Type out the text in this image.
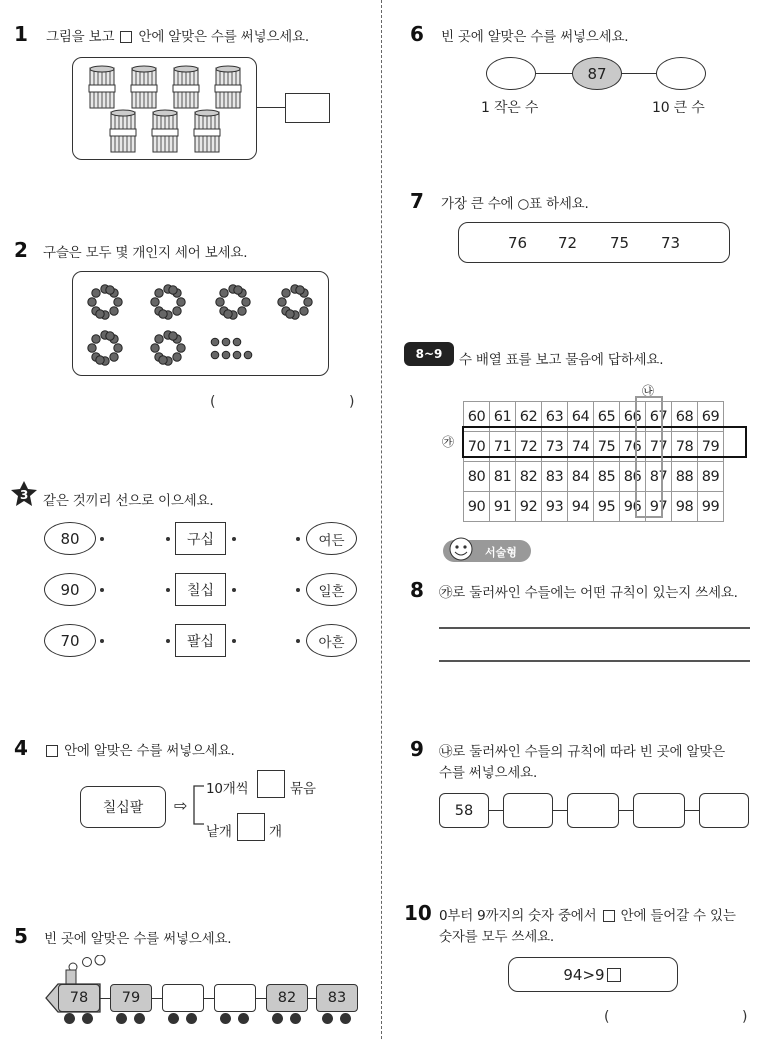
1 그림을 보고 안에 알맞은 수를 써넣으세요.
2 구슬은 모두 몇 개인지 세어 보세요.
(	)
3 같은 것끼리 선으로 이으세요.
80
90
70
구십
칠십
팔십
여든
일흔
아흔
4	안에 알맞은 수를 써넣으세요.
칠십팔	⇨
10개씩	묶음
낱개	개
5 빈 곳에 알맞은 수를 써넣으세요.
78	79	82	83
6 빈 곳에 알맞은 수를 써넣으세요.
87
1 작은 수	10 큰 수
7 가장 큰 수에 ○표 하세요.
76 72 75 73
8~9	수 배열 표를 보고 물음에 답하세요.
㉯
㉮
60	61	62	63	64	65	66	67	68	69
70	71	72	73	74	75	76	77	78	79
80	81	82	83	84	85	86	87	88	89
90	91	92	93	94	95	96	97	98	99
서술형
8 ㉮로 둘러싸인 수들에는 어떤 규칙이 있는지 쓰세요.
9 ㉯로 둘러싸인 수들의 규칙에 따라 빈 곳에 알맞은
수를 써넣으세요.
58
10 0부터 9까지의 숫자 중에서 안에 들어갈 수 있는
숫자를 모두 쓰세요.
94>9
(	)
